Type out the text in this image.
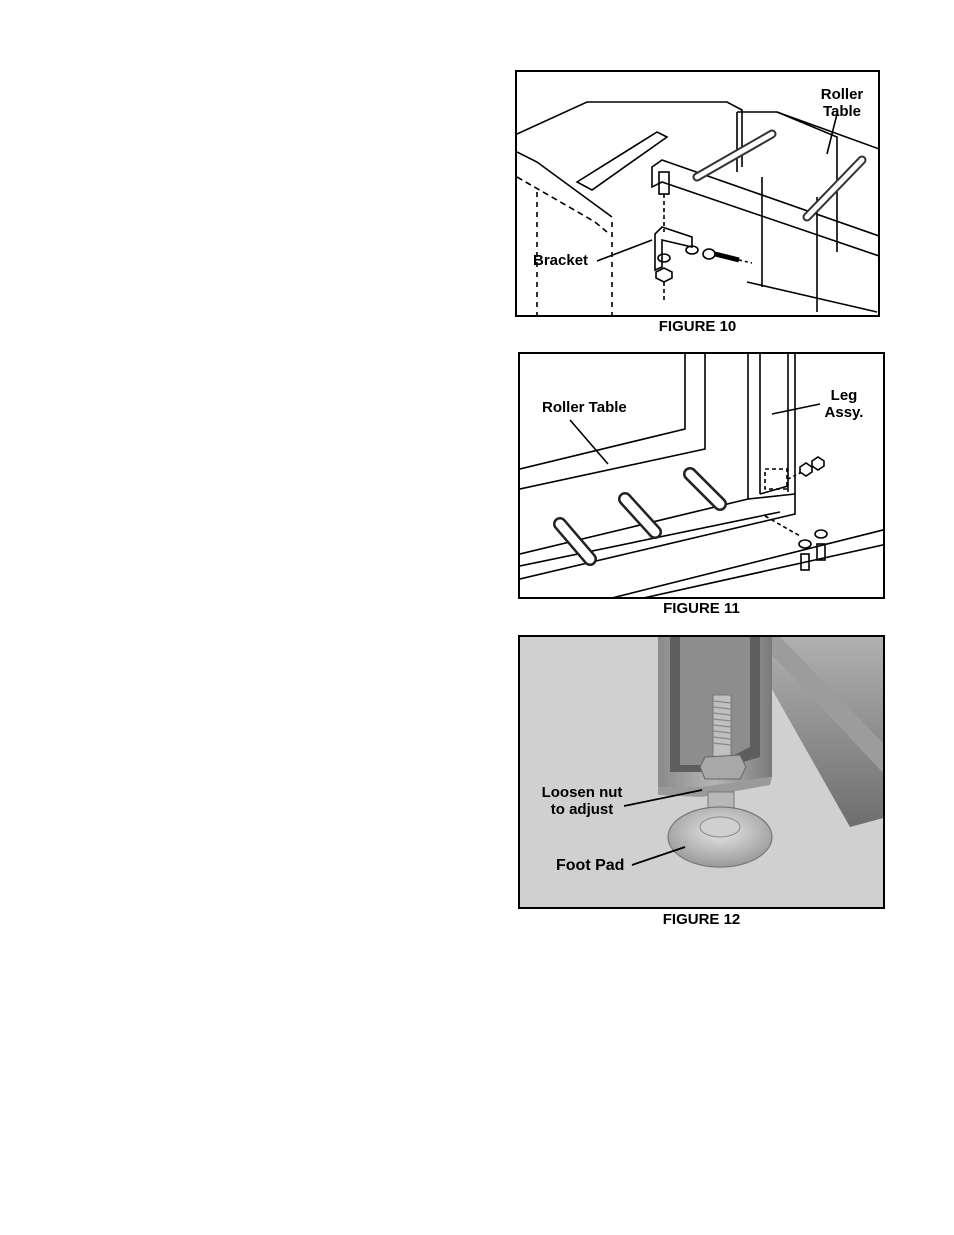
Roller
Table
Bracket
FIGURE 10
Roller Table
Leg
Assy.
FIGURE 11
Loosen nut
to adjust
Foot Pad
FIGURE 12
